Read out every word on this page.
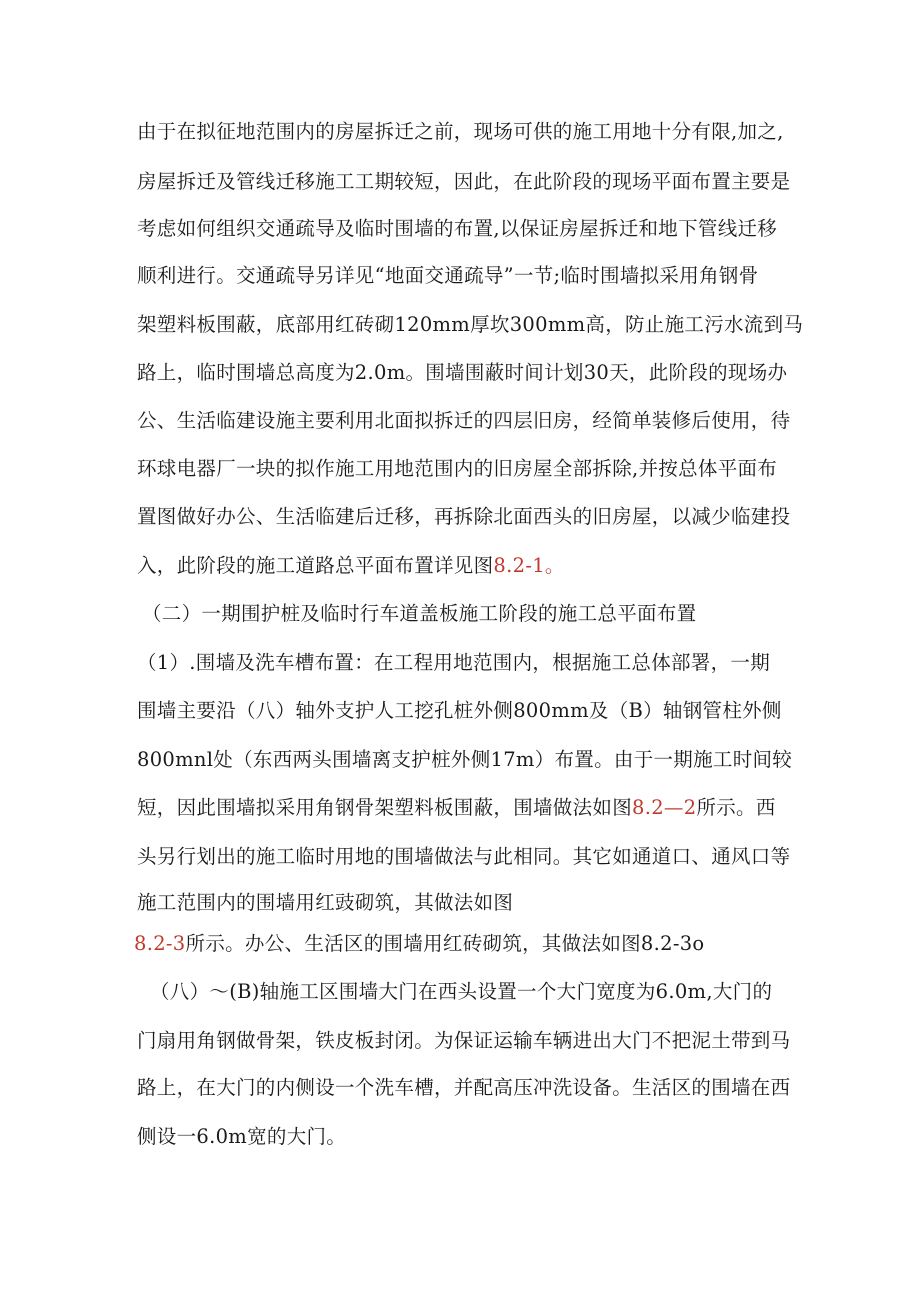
由于在拟征地范围内的房屋拆迁之前，现场可供的施工用地十分有限,加之,
房屋拆迁及管线迁移施工工期较短，因此，在此阶段的现场平面布置主要是
考虑如何组织交通疏导及临时围墙的布置,以保证房屋拆迁和地下管线迁移
顺利进行。交通疏导另详见“地面交通疏导”一节;临时围墙拟采用角钢骨
架塑料板围蔽，底部用红砖砌120mm厚坎300mm高，防止施工污水流到马
路上，临时围墙总高度为2.0m。围墙围蔽时间计划30天，此阶段的现场办
公、生活临建设施主要利用北面拟拆迁的四层旧房，经简单装修后使用，待
环球电器厂一块的拟作施工用地范围内的旧房屋全部拆除,并按总体平面布
置图做好办公、生活临建后迁移，再拆除北面西头的旧房屋，以减少临建投
入，此阶段的施工道路总平面布置详见图8.2-1。
（二）一期围护桩及临时行车道盖板施工阶段的施工总平面布置
（1）.围墙及洗车槽布置：在工程用地范围内，根据施工总体部署，一期
围墙主要沿（八）轴外支护人工挖孔桩外侧800mm及（B）轴钢管柱外侧
800mnl处（东西两头围墙离支护桩外侧17m）布置。由于一期施工时间较
短，因此围墙拟采用角钢骨架塑料板围蔽，围墙做法如图8.2—2所示。西
头另行划出的施工临时用地的围墙做法与此相同。其它如通道口、通风口等
施工范围内的围墙用红豉砌筑，其做法如图
8.2-3所示。办公、生活区的围墙用红砖砌筑，其做法如图8.2-3o
（八）～(B)轴施工区围墙大门在西头设置一个大门宽度为6.0m,大门的
门扇用角钢做骨架，铁皮板封闭。为保证运输车辆进出大门不把泥土带到马
路上，在大门的内侧设一个洗车槽，并配高压冲洗设备。生活区的围墙在西
侧设一6.0m宽的大门。
